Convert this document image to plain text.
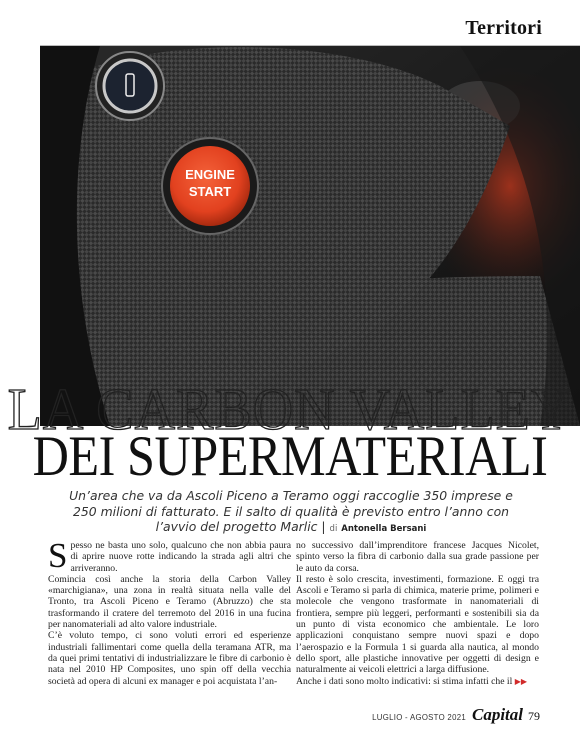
Territori
ENGINE
START
LA CARBON VALLEY
DEI SUPERMATERIALI
Un’area che va da Ascoli Piceno a Teramo oggi raccoglie 350 imprese e 250 milioni di fatturato. E il salto di qualità è previsto entro l’anno con l’avvio del progetto Marlic | di Antonella Bersani

Spesso ne basta uno solo, qualcuno che non abbia paura di aprire nuove rotte indicando la strada agli altri che arriveranno.

Comincia così anche la storia della Carbon Valley «marchigiana», una zona in realtà situata nella valle del Tronto, tra Ascoli Piceno e Teramo (Abruzzo) che sta trasformando il cratere del terremoto del 2016 in una fucina per nanomateriali ad alto valore industriale.

C’è voluto tempo, ci sono voluti errori ed esperienze industriali fallimentari come quella della teramana ATR, ma da quei primi tentativi di industrializzare le fibre di carbonio è nata nel 2010 HP Composites, uno spin off della vecchia società ad opera di alcuni ex manager e poi acquistata l’an-

no successivo dall’imprenditore francese Jacques Nicolet, spinto verso la fibra di carbonio dalla sua grade passione per le auto da corsa.

Il resto è solo crescita, investimenti, formazione. E oggi tra Ascoli e Teramo si parla di chimica, materie prime, polimeri e molecole che vengono trasformate in nanomateriali di frontiera, sempre più leggeri, performanti e sostenibili sia da un punto di vista economico che ambientale. Le loro applicazioni conquistano sempre nuovi spazi e dopo l’aerospazio e la Formula 1 si guarda alla nautica, al mondo dello sport, alle plastiche innovative per oggetti di design e naturalmente ai veicoli elettrici a larga diffusione.

Anche i dati sono molto indicativi: si stima infatti che il ▶▶

LUGLIO - AGOSTO 2021 Capital 79
